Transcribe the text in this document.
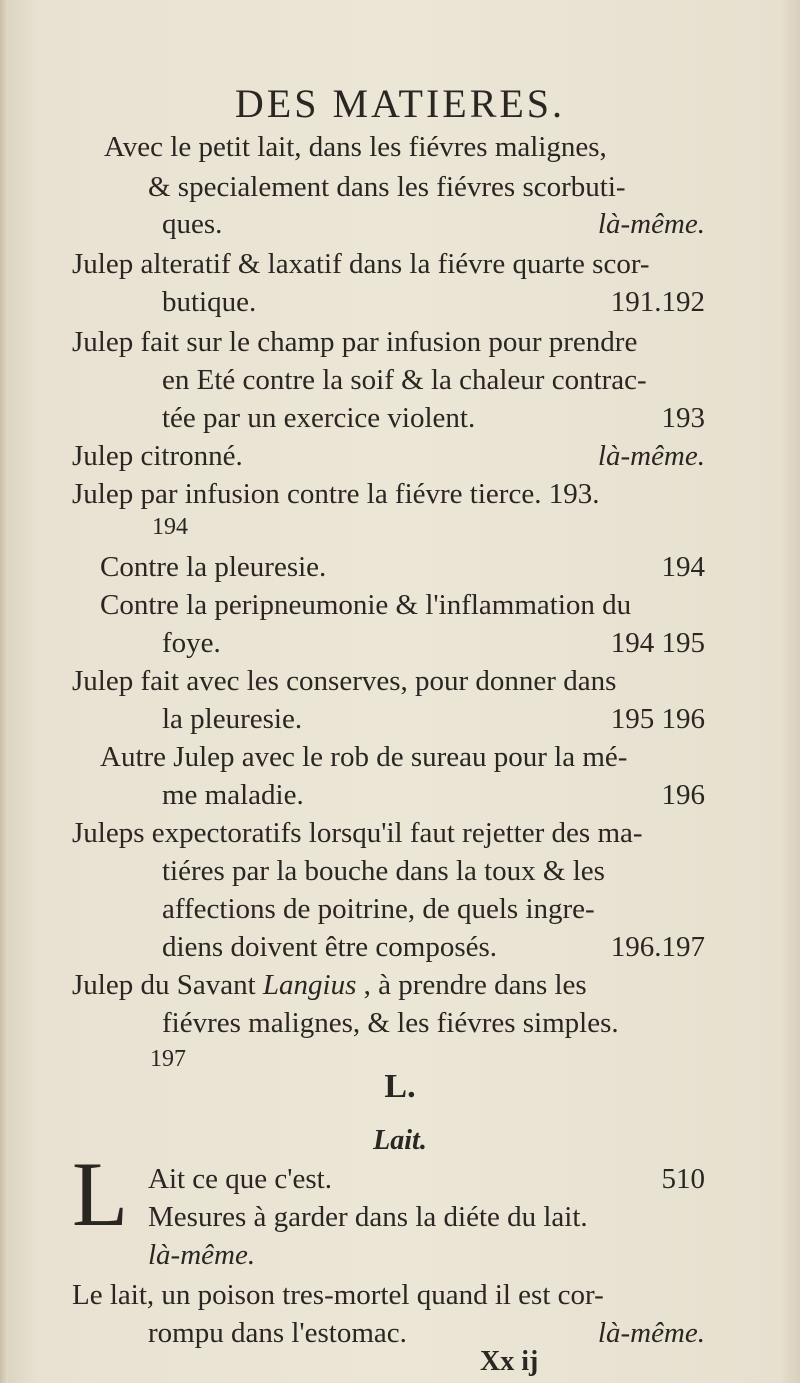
DES MATIERES.
Avec le petit lait, dans les fiévres malignes,
& specialement dans les fiévres scorbuti-
ques.	là-même.
Julep alteratif & laxatif dans la fiévre quarte scor-
butique.	191.192
Julep fait sur le champ par infusion pour prendre
en Eté contre la soif & la chaleur contrac-
tée par un exercice violent.	193
Julep citronné.	là-même.
Julep par infusion contre la fiévre tierce. 193.
194
Contre la pleuresie.	194
Contre la peripneumonie & l'inflammation du
foye.	194 195
Julep fait avec les conserves, pour donner dans
la pleuresie.	195 196
Autre Julep avec le rob de sureau pour la mé-
me maladie.	196
Juleps expectoratifs lorsqu'il faut rejetter des ma-
tiéres par la bouche dans la toux & les
affections de poitrine, de quels ingre-
diens doivent être composés.	196.197
Julep du Savant Langius , à prendre dans les
fiévres malignes, & les fiévres simples.
197
L.
Lait.
L Ait ce que c'est.	510
Mesures à garder dans la diéte du lait.
là-même.
Le lait, un poison tres-mortel quand il est cor-
rompu dans l'estomac.	là-même.
Xx ij
